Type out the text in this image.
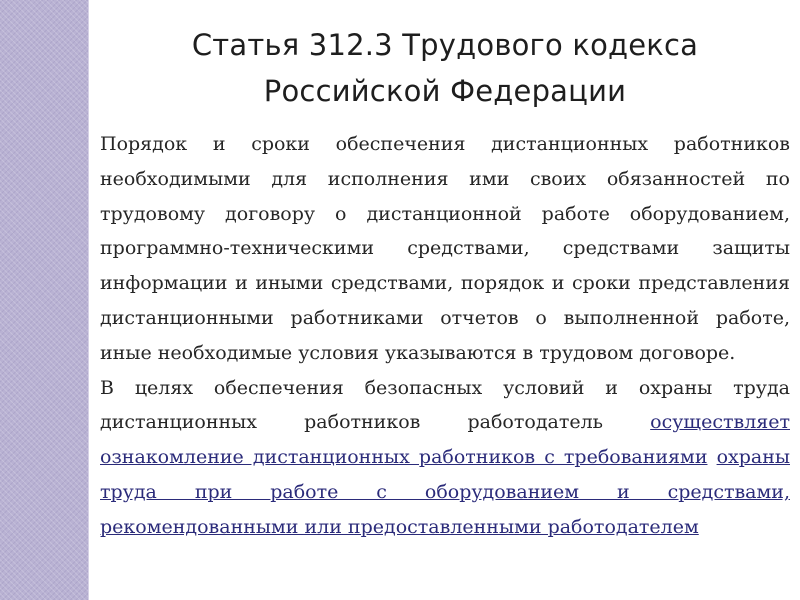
Статья 312.3 Трудового кодекса Российской Федерации

Порядок и сроки обеспечения дистанционных работников необходимыми для исполнения ими своих обязанностей по трудовому договору о дистанционной работе оборудованием, программно-техническими средствами, средствами защиты информации и иными средствами, порядок и сроки представления дистанционными работниками отчетов о выполненной работе, иные необходимые условия указываются в трудовом договоре.

В целях обеспечения безопасных условий и охраны труда дистанционных работников работодатель осуществляет ознакомление дистанционных работников с требованиями охраны труда при работе с оборудованием и средствами, рекомендованными или предоставленными работодателем
